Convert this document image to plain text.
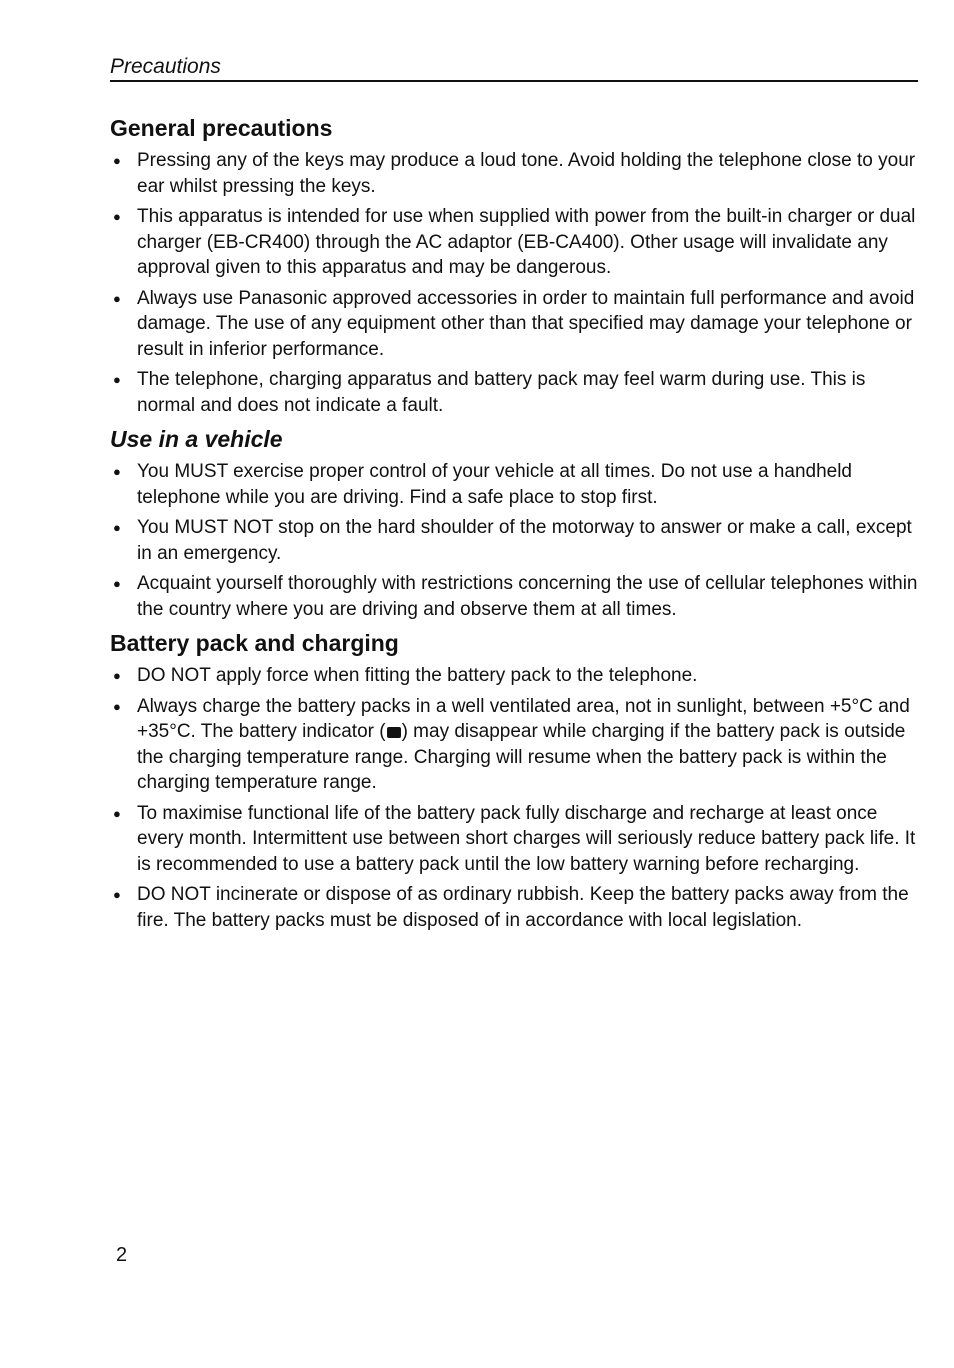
Precautions
General precautions
● Pressing any of the keys may produce a loud tone. Avoid holding the telephone close to your ear whilst pressing the keys.
● This apparatus is intended for use when supplied with power from the built-in charger or dual charger (EB-CR400) through the AC adaptor (EB-CA400). Other usage will invalidate any approval given to this apparatus and may be dangerous.
● Always use Panasonic approved accessories in order to maintain full performance and avoid damage. The use of any equipment other than that specified may damage your telephone or result in inferior performance.
● The telephone, charging apparatus and battery pack may feel warm during use. This is normal and does not indicate a fault.
Use in a vehicle
● You MUST exercise proper control of your vehicle at all times. Do not use a handheld telephone while you are driving. Find a safe place to stop first.
● You MUST NOT stop on the hard shoulder of the motorway to answer or make a call, except in an emergency.
● Acquaint yourself thoroughly with restrictions concerning the use of cellular telephones within the country where you are driving and observe them at all times.
Battery pack and charging
● DO NOT apply force when fitting the battery pack to the telephone.
● Always charge the battery packs in a well ventilated area, not in sunlight, between +5°C and +35°C. The battery indicator ( ) may disappear while charging if the battery pack is outside the charging temperature range. Charging will resume when the battery pack is within the charging temperature range.
● To maximise functional life of the battery pack fully discharge and recharge at least once every month. Intermittent use between short charges will seriously reduce battery pack life. It is recommended to use a battery pack until the low battery warning before recharging.
● DO NOT incinerate or dispose of as ordinary rubbish. Keep the battery packs away from the fire. The battery packs must be disposed of in accordance with local legislation.
2
